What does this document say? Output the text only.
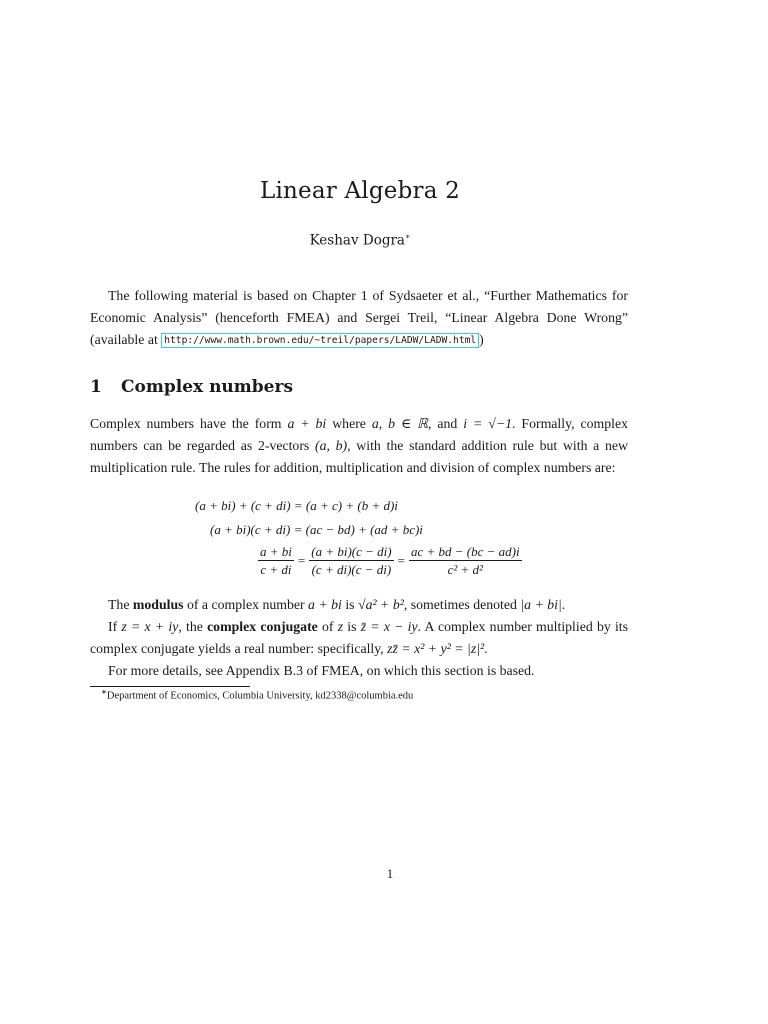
Linear Algebra 2
Keshav Dogra∗
The following material is based on Chapter 1 of Sydsaeter et al., “Further Mathematics for Economic Analysis” (henceforth FMEA) and Sergei Treil, “Linear Algebra Done Wrong” (available at http://www.math.brown.edu/~treil/papers/LADW/LADW.html )
1 Complex numbers
Complex numbers have the form a + bi where a, b ∈ ℝ, and i = √−1. Formally, complex numbers can be regarded as 2-vectors (a, b), with the standard addition rule but with a new multiplication rule. The rules for addition, multiplication and division of complex numbers are:
(a + bi) + (c + di) = (a + c) + (b + d)i
(a + bi)(c + di) = (ac − bd) + (ad + bc)i
$\frac{a + bi}{c + di} = \frac{(a + bi)(c - di)}{(c + di)(c - di)} = \frac{ac + bd - (bc - ad)i}{\text{c² + d²}}$
The modulus of a complex number a + bi is √a² + b², sometimes denoted |a + bi|.
If z = x + iy, the complex conjugate of z is z̄ = x − iy. A complex number multiplied by its complex conjugate yields a real number: specifically, zz̄ = x² + y² = |z|².
For more details, see Appendix B.3 of FMEA, on which this section is based.
∗Department of Economics, Columbia University, kd2338@columbia.edu
1
